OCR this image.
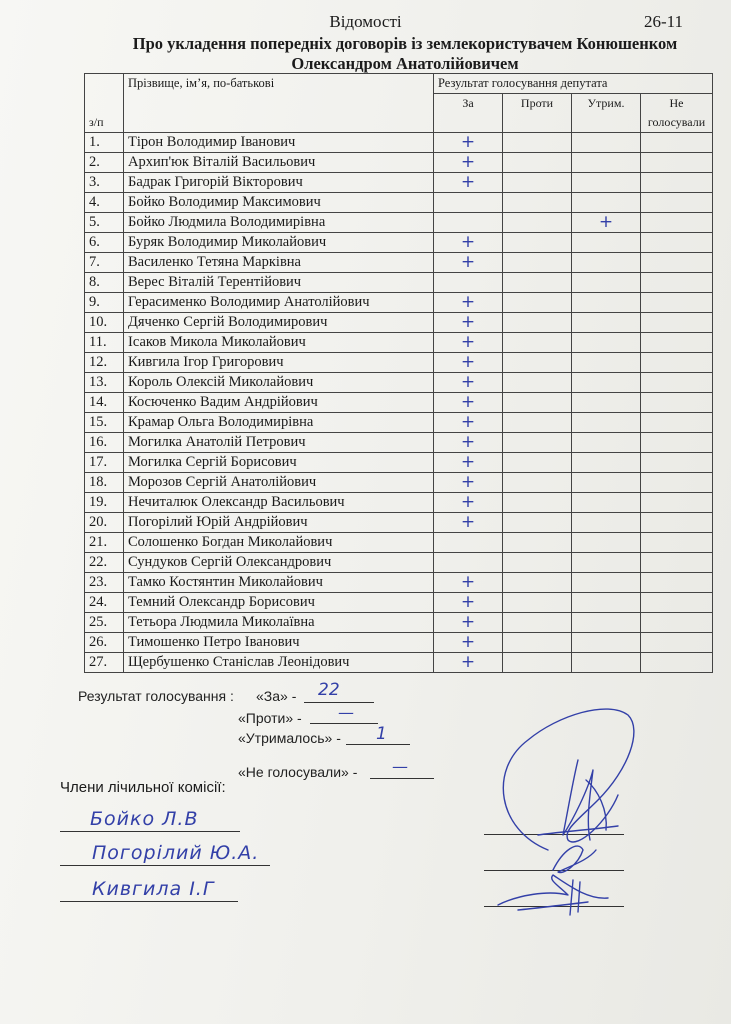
Відомості	26-11
Про укладення попередніх договорів із землекористувачем Конюшенком
Олександром Анатолійовичем
з/п	Прізвище, ім’я, по-батькові	Результат голосування депутата			
		За	Проти	Утрим.	Не голосували
1.	Тірон Володимир Іванович	+			
2.	Архип'юк Віталій Васильович	+			
3.	Бадрак Григорій Вікторович	+			
4.	Бойко Володимир Максимович				
5.	Бойко Людмила Володимирівна			+	
6.	Буряк Володимир Миколайович	+			
7.	Василенко Тетяна Марківна	+			
8.	Верес Віталій Терентійович				
9.	Герасименко Володимир Анатолійович	+			
10.	Дяченко Сергій Володимирович	+			
11.	Ісаков Микола Миколайович	+			
12.	Кивгила Ігор Григорович	+			
13.	Король Олексій Миколайович	+			
14.	Косюченко Вадим Андрійович	+			
15.	Крамар Ольга Володимирівна	+			
16.	Могилка Анатолій Петрович	+			
17.	Могилка Сергій Борисович	+			
18.	Морозов Сергій Анатолійович	+			
19.	Нечиталюк Олександр Васильович	+			
20.	Погорілий Юрій Андрійович	+			
21.	Солошенко Богдан Миколайович				
22.	Сундуков Сергій Олександрович				
23.	Тамко Костянтин Миколайович	+			
24.	Темний Олександр Борисович	+			
25.	Тетьора Людмила Миколаївна	+			
26.	Тимошенко Петро Іванович	+			
27.	Щербушенко Станіслав Леонідович	+			
Результат голосування : «За» - 22
«Проти» - —
«Утрималось» - 1
«Не голосували» - —
Члени лічильної комісії:
Бойко Л.В
Погорілий Ю.А.
Кивгила І.Г
